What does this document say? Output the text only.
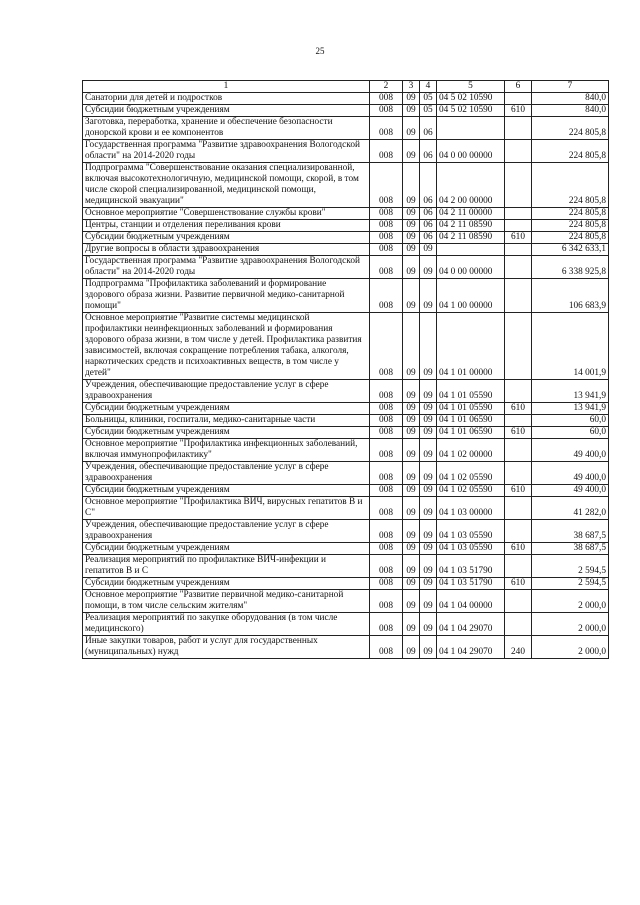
25
1	2	3	4	5	6	7
Санатории для детей и подростков	008	09	05	04 5 02 10590		840,0
Субсидии бюджетным учреждениям	008	09	05	04 5 02 10590	610	840,0
Заготовка, переработка, хранение и обеспечение безопасности донорской крови и ее компонентов	008	09	06			224 805,8
Государственная программа "Развитие здравоохранения Вологодской области" на 2014-2020 годы	008	09	06	04 0 00 00000		224 805,8
Подпрограмма "Совершенствование оказания специализированной, включая высокотехнологичную, медицинской помощи, скорой, в том числе скорой специализированной, медицинской помощи, медицинской эвакуации"	008	09	06	04 2 00 00000		224 805,8
Основное мероприятие "Совершенствование службы крови"	008	09	06	04 2 11 00000		224 805,8
Центры, станции и отделения переливания крови	008	09	06	04 2 11 08590		224 805,8
Субсидии бюджетным учреждениям	008	09	06	04 2 11 08590	610	224 805,8
Другие вопросы в области здравоохранения	008	09	09			6 342 633,1
Государственная программа "Развитие здравоохранения Вологодской области" на 2014-2020 годы	008	09	09	04 0 00 00000		6 338 925,8
Подпрограмма "Профилактика заболеваний и формирование здорового образа жизни. Развитие первичной медико-санитарной помощи"	008	09	09	04 1 00 00000		106 683,9
Основное мероприятие "Развитие системы медицинской профилактики неинфекционных заболеваний и формирования здорового образа жизни, в том числе у детей. Профилактика развития зависимостей, включая сокращение потребления табака, алкоголя, наркотических средств и психоактивных веществ, в том числе у детей"	008	09	09	04 1 01 00000		14 001,9
Учреждения, обеспечивающие предоставление услуг в сфере здравоохранения	008	09	09	04 1 01 05590		13 941,9
Субсидии бюджетным учреждениям	008	09	09	04 1 01 05590	610	13 941,9
Больницы, клиники, госпитали, медико-санитарные части	008	09	09	04 1 01 06590		60,0
Субсидии бюджетным учреждениям	008	09	09	04 1 01 06590	610	60,0
Основное мероприятие "Профилактика инфекционных заболеваний, включая иммунопрофилактику"	008	09	09	04 1 02 00000		49 400,0
Учреждения, обеспечивающие предоставление услуг в сфере здравоохранения	008	09	09	04 1 02 05590		49 400,0
Субсидии бюджетным учреждениям	008	09	09	04 1 02 05590	610	49 400,0
Основное мероприятие "Профилактика ВИЧ, вирусных гепатитов В и С"	008	09	09	04 1 03 00000		41 282,0
Учреждения, обеспечивающие предоставление услуг в сфере здравоохранения	008	09	09	04 1 03 05590		38 687,5
Субсидии бюджетным учреждениям	008	09	09	04 1 03 05590	610	38 687,5
Реализация мероприятий по профилактике ВИЧ-инфекции и гепатитов В и С	008	09	09	04 1 03 51790		2 594,5
Субсидии бюджетным учреждениям	008	09	09	04 1 03 51790	610	2 594,5
Основное мероприятие "Развитие первичной медико-санитарной помощи, в том числе сельским жителям"	008	09	09	04 1 04 00000		2 000,0
Реализация мероприятий по закупке оборудования (в том числе медицинского)	008	09	09	04 1 04 29070		2 000,0
Иные закупки товаров, работ и услуг для государственных (муниципальных) нужд	008	09	09	04 1 04 29070	240	2 000,0
